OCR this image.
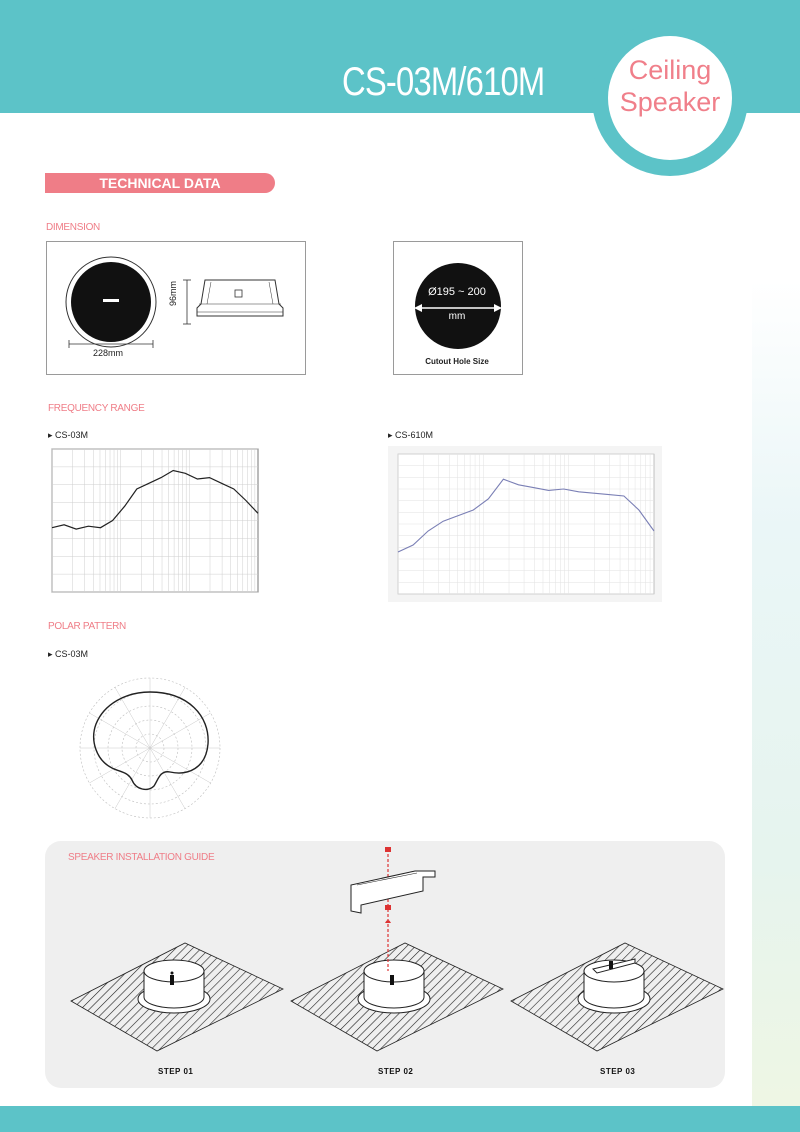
CS-03M/610M	Ceiling
Speaker
TECHNICAL DATA
DIMENSION
228mm
96mm	Ø195 ~ 200
mm
Cutout Hole Size
FREQUENCY RANGE
▸ CS-03M	▸ CS-610M
POLAR PATTERN
▸ CS-03M
SPEAKER INSTALLATION GUIDE
STEP 01	STEP 02	STEP 03
